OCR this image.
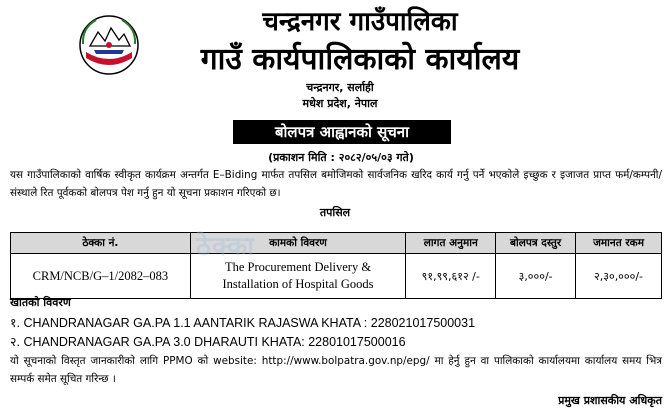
चन्द्रनगर गाउँपालिका
गाउँ कार्यपालिकाको कार्यालय
चन्द्रनगर, सर्लाही
मधेश प्रदेश, नेपाल
बोलपत्र आह्वानको सूचना
(प्रकाशन मिति : २०८२/०५/०३ गते)
यस गाउँपालिकाको वार्षिक स्वीकृत कार्यक्रम अन्तर्गत E–Biding मार्फत तपसिल बमोजिमको सार्वजनिक खरिद कार्य गर्नु पर्ने भएकोले इच्छुक र इजाजत प्राप्त फर्म/कम्पनी/संस्थाले रित पूर्वकको बोलपत्र पेश गर्नु हुन यो सूचना प्रकाशन गरिएको छ।
तपसिल
ठेक्का नं.	कामको विवरण	लागत अनुमान	बोलपत्र दस्तुर	जमानत रकम
CRM/NCB/G–1/2082–083	The Procurement Delivery &
Installation of Hospital Goods	९१,९९,६१२ /-	३,०००/-	२,३०,०००/-
ठेक्का
खातको विवरण
१. CHANDRANAGAR GA.PA 1.1 AANTARIK RAJASWA KHATA : 228021017500031
२. CHANDRANAGAR GA.PA 3.0 DHARAUTI KHATA: 22801017500016
यो सूचनाको विस्तृत जानकारीको लागि PPMO को website: http://www.bolpatra.gov.np/epg/ मा हेर्नु हुन वा पालिकाको कार्यालयमा कार्यालय समय भित्र सम्पर्क समेत सूचित गरिन्छ ।
प्रमुख प्रशासकीय अधिकृत
